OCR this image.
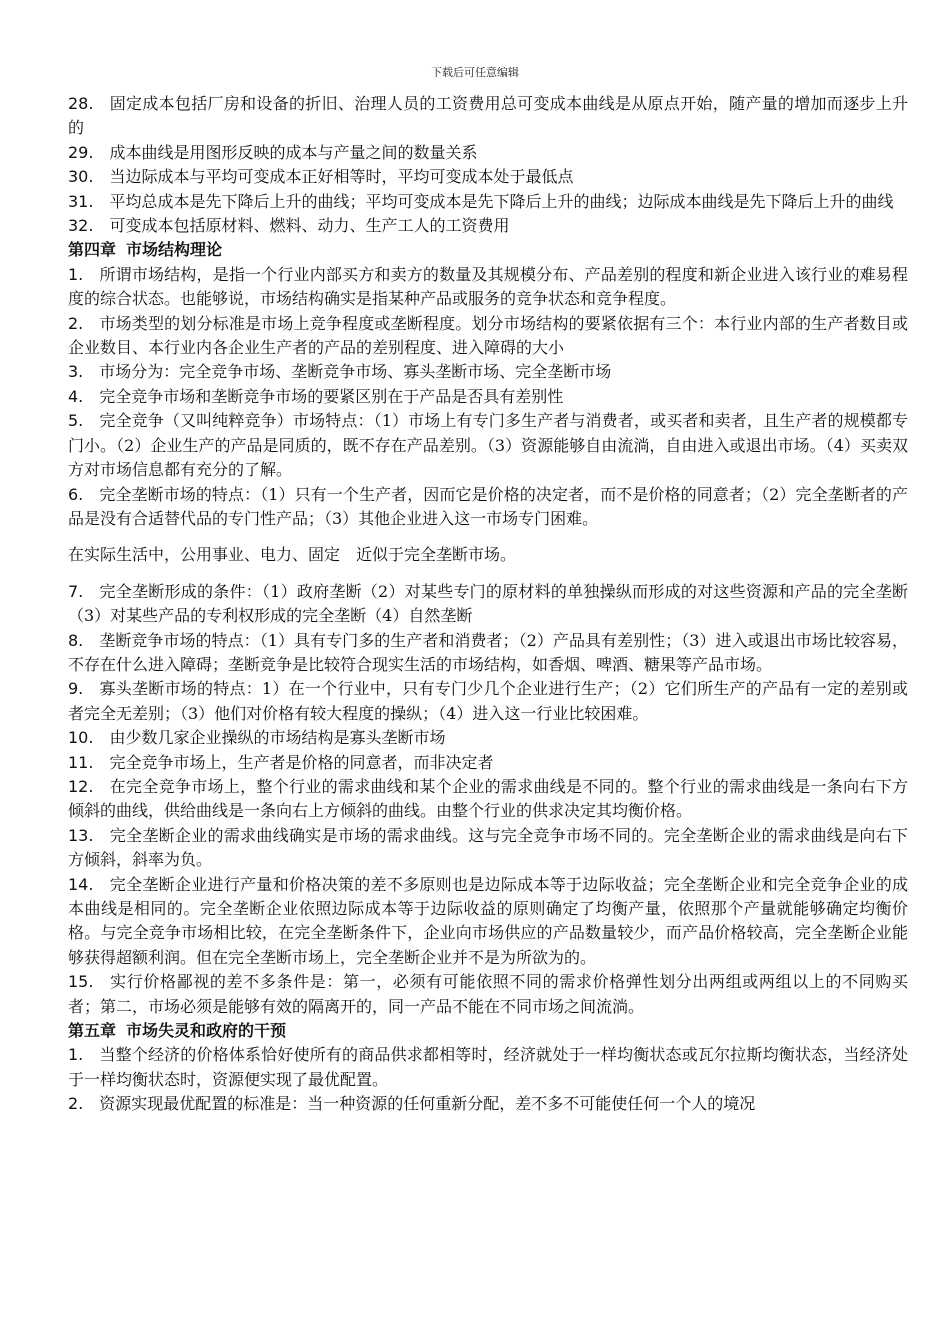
下载后可任意编辑

28. 固定成本包括厂房和设备的折旧、治理人员的工资费用总可变成本曲线是从原点开始，随产量的增加而逐步上升的

29. 成本曲线是用图形反映的成本与产量之间的数量关系

30. 当边际成本与平均可变成本正好相等时，平均可变成本处于最低点

31. 平均总成本是先下降后上升的曲线；平均可变成本是先下降后上升的曲线；边际成本曲线是先下降后上升的曲线

32. 可变成本包括原材料、燃料、动力、生产工人的工资费用

第四章 市场结构理论

1. 所谓市场结构，是指一个行业内部买方和卖方的数量及其规模分布、产品差别的程度和新企业进入该行业的难易程度的综合状态。也能够说，市场结构确实是指某种产品或服务的竞争状态和竞争程度。

2. 市场类型的划分标准是市场上竞争程度或垄断程度。划分市场结构的要紧依据有三个：本行业内部的生产者数目或企业数目、本行业内各企业生产者的产品的差别程度、进入障碍的大小

3. 市场分为：完全竞争市场、垄断竞争市场、寡头垄断市场、完全垄断市场

4. 完全竞争市场和垄断竞争市场的要紧区别在于产品是否具有差别性

5. 完全竞争（又叫纯粹竞争）市场特点：（1）市场上有专门多生产者与消费者，或买者和卖者，且生产者的规模都专门小。（2）企业生产的产品是同质的，既不存在产品差别。（3）资源能够自由流淌，自由进入或退出市场。（4）买卖双方对市场信息都有充分的了解。

6. 完全垄断市场的特点：（1）只有一个生产者，因而它是价格的决定者，而不是价格的同意者；（2）完全垄断者的产品是没有合适替代品的专门性产品；（3）其他企业进入这一市场专门困难。

在实际生活中，公用事业、电力、固定　近似于完全垄断市场。

7. 完全垄断形成的条件：（1）政府垄断（2）对某些专门的原材料的单独操纵而形成的对这些资源和产品的完全垄断（3）对某些产品的专利权形成的完全垄断（4）自然垄断

8. 垄断竞争市场的特点：（1）具有专门多的生产者和消费者；（2）产品具有差别性；（3）进入或退出市场比较容易，不存在什么进入障碍；垄断竞争是比较符合现实生活的市场结构，如香烟、啤酒、糖果等产品市场。

9. 寡头垄断市场的特点：1）在一个行业中，只有专门少几个企业进行生产；（2）它们所生产的产品有一定的差别或者完全无差别；（3）他们对价格有较大程度的操纵；（4）进入这一行业比较困难。

10. 由少数几家企业操纵的市场结构是寡头垄断市场

11. 完全竞争市场上，生产者是价格的同意者，而非决定者

12. 在完全竞争市场上，整个行业的需求曲线和某个企业的需求曲线是不同的。整个行业的需求曲线是一条向右下方倾斜的曲线，供给曲线是一条向右上方倾斜的曲线。由整个行业的供求决定其均衡价格。

13. 完全垄断企业的需求曲线确实是市场的需求曲线。这与完全竞争市场不同的。完全垄断企业的需求曲线是向右下方倾斜，斜率为负。

14. 完全垄断企业进行产量和价格决策的差不多原则也是边际成本等于边际收益；完全垄断企业和完全竞争企业的成本曲线是相同的。完全垄断企业依照边际成本等于边际收益的原则确定了均衡产量，依照那个产量就能够确定均衡价格。与完全竞争市场相比较，在完全垄断条件下，企业向市场供应的产品数量较少，而产品价格较高，完全垄断企业能够获得超额利润。但在完全垄断市场上，完全垄断企业并不是为所欲为的。

15. 实行价格鄙视的差不多条件是：第一，必须有可能依照不同的需求价格弹性划分出两组或两组以上的不同购买者；第二，市场必须是能够有效的隔离开的，同一产品不能在不同市场之间流淌。

第五章 市场失灵和政府的干预

1. 当整个经济的价格体系恰好使所有的商品供求都相等时，经济就处于一样均衡状态或瓦尔拉斯均衡状态，当经济处于一样均衡状态时，资源便实现了最优配置。

2. 资源实现最优配置的标准是：当一种资源的任何重新分配，差不多不可能使任何一个人的境况
